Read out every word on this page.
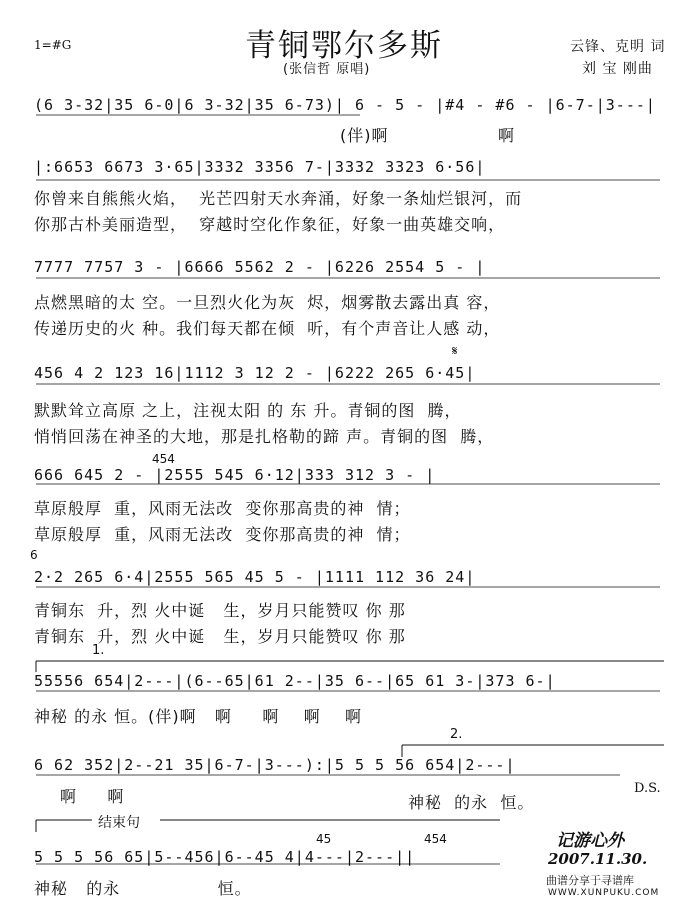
1=#G	青铜鄂尔多斯
(张信哲 原唱)
云锋、克明 词
刘 宝 刚曲
(6 3-32|35 6-0|6 3-32|35 6-73)| 6 - 5 - |#4 - #6 - |6-7-|3---|
(伴)啊                  啊
|:6653 6673 3·65|3332 3356 7-|3332 3323 6·56|
你曾来自熊熊火焰，  光芒四射天水奔涌，好象一条灿烂银河，而
你那古朴美丽造型，  穿越时空化作象征，好象一曲英雄交响，
7777 7757 3 - |6666 5562 2 - |6226 2554 5 - |
点燃黑暗的太 空。一旦烈火化为灰  烬，烟雾散去露出真 容，
传递历史的火 种。我们每天都在倾  听，有个声音让人感 动，
𝄋
456 4 2 123 16|1112 3 12 2 - |6222 265 6·45|
默默耸立高原 之上，注视太阳 的 东 升。青铜的图  腾，
悄悄回荡在神圣的大地，那是扎格勒的蹄 声。青铜的图  腾，
454
666 645 2 - |2555 545 6·12|333 312 3 - |
草原般厚  重，风雨无法改  变你那高贵的神  情；
草原般厚  重，风雨无法改  变你那高贵的神  情；
6
2·2 265 6·4|2555 565 45 5 - |1111 112 36 24|
青铜东  升，烈 火中诞   生，岁月只能赞叹 你 那
青铜东  升，烈 火中诞   生，岁月只能赞叹 你 那
1.
55556 654|2---|(6--65|61 2--|35 6--|65 61 3-|373 6-|
神秘 的永 恒。(伴)啊   啊     啊    啊    啊
2.
6 62 352|2--21 35|6-7-|3---):|5 5 5 56 654|2---|
啊     啊	神秘  的永  恒。
D.S.
结束句
45	454
5 5 5 56 65|5--456|6--45 4|4---|2---||
神秘   的永                恒。
记游心外
2007.11.30.
曲谱分享于寻谱库
WWW.XUNPUKU.COM
